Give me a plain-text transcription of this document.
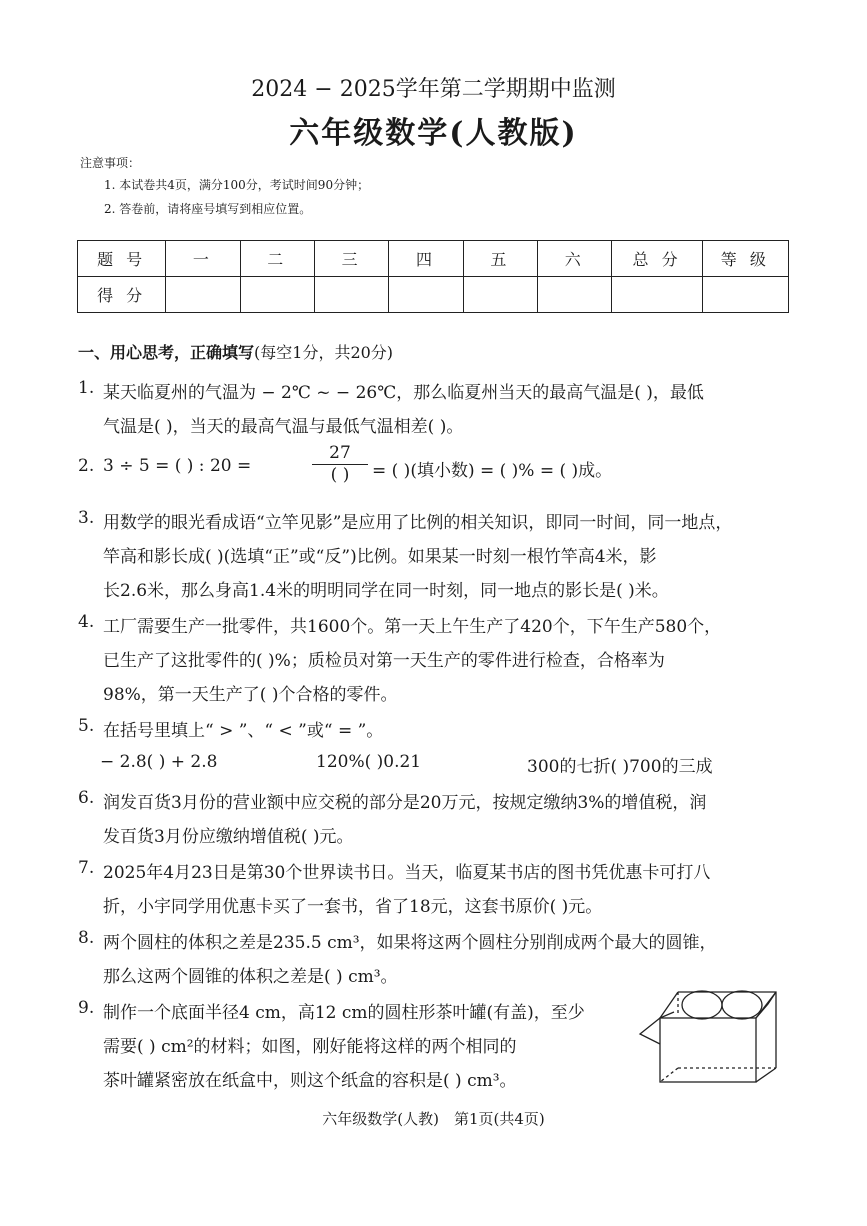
2024 − 2025学年第二学期期中监测
六年级数学(人教版)
注意事项：
1. 本试卷共4页，满分100分，考试时间90分钟；
2. 答卷前，请将座号填写到相应位置。
题 号	一	二	三	四	五	六	总 分	等 级
得 分								
一、用心思考，正确填写(每空1分，共20分)
1. 某天临夏州的气温为 − 2℃ ~ − 26℃，那么临夏州当天的最高气温是( )，最低
气温是( )，当天的最高气温与最低气温相差( )。
2. 3 ÷ 5 = ( ) : 20 =
27
( )	= ( )(填小数) = ( )% = ( )成。
3. 用数学的眼光看成语“立竿见影”是应用了比例的相关知识，即同一时间，同一地点，
竿高和影长成( )(选填“正”或“反”)比例。如果某一时刻一根竹竿高4米，影
长2.6米，那么身高1.4米的明明同学在同一时刻，同一地点的影长是( )米。
4. 工厂需要生产一批零件，共1600个。第一天上午生产了420个，下午生产580个，
已生产了这批零件的( )%；质检员对第一天生产的零件进行检查，合格率为
98%，第一天生产了( )个合格的零件。
5. 在括号里填上“ > ”、“ < ”或“ = ”。
− 2.8( ) + 2.8	120%( )0.21	300的七折( )700的三成
6. 润发百货3月份的营业额中应交税的部分是20万元，按规定缴纳3%的增值税，润
发百货3月份应缴纳增值税( )元。
7. 2025年4月23日是第30个世界读书日。当天，临夏某书店的图书凭优惠卡可打八
折，小宇同学用优惠卡买了一套书，省了18元，这套书原价( )元。
8. 两个圆柱的体积之差是235.5 cm³，如果将这两个圆柱分别削成两个最大的圆锥，
那么这两个圆锥的体积之差是( ) cm³。
9. 制作一个底面半径4 cm，高12 cm的圆柱形茶叶罐(有盖)，至少
需要( ) cm²的材料；如图，刚好能将这样的两个相同的
茶叶罐紧密放在纸盒中，则这个纸盒的容积是( ) cm³。
六年级数学(人教)　第1页(共4页)
